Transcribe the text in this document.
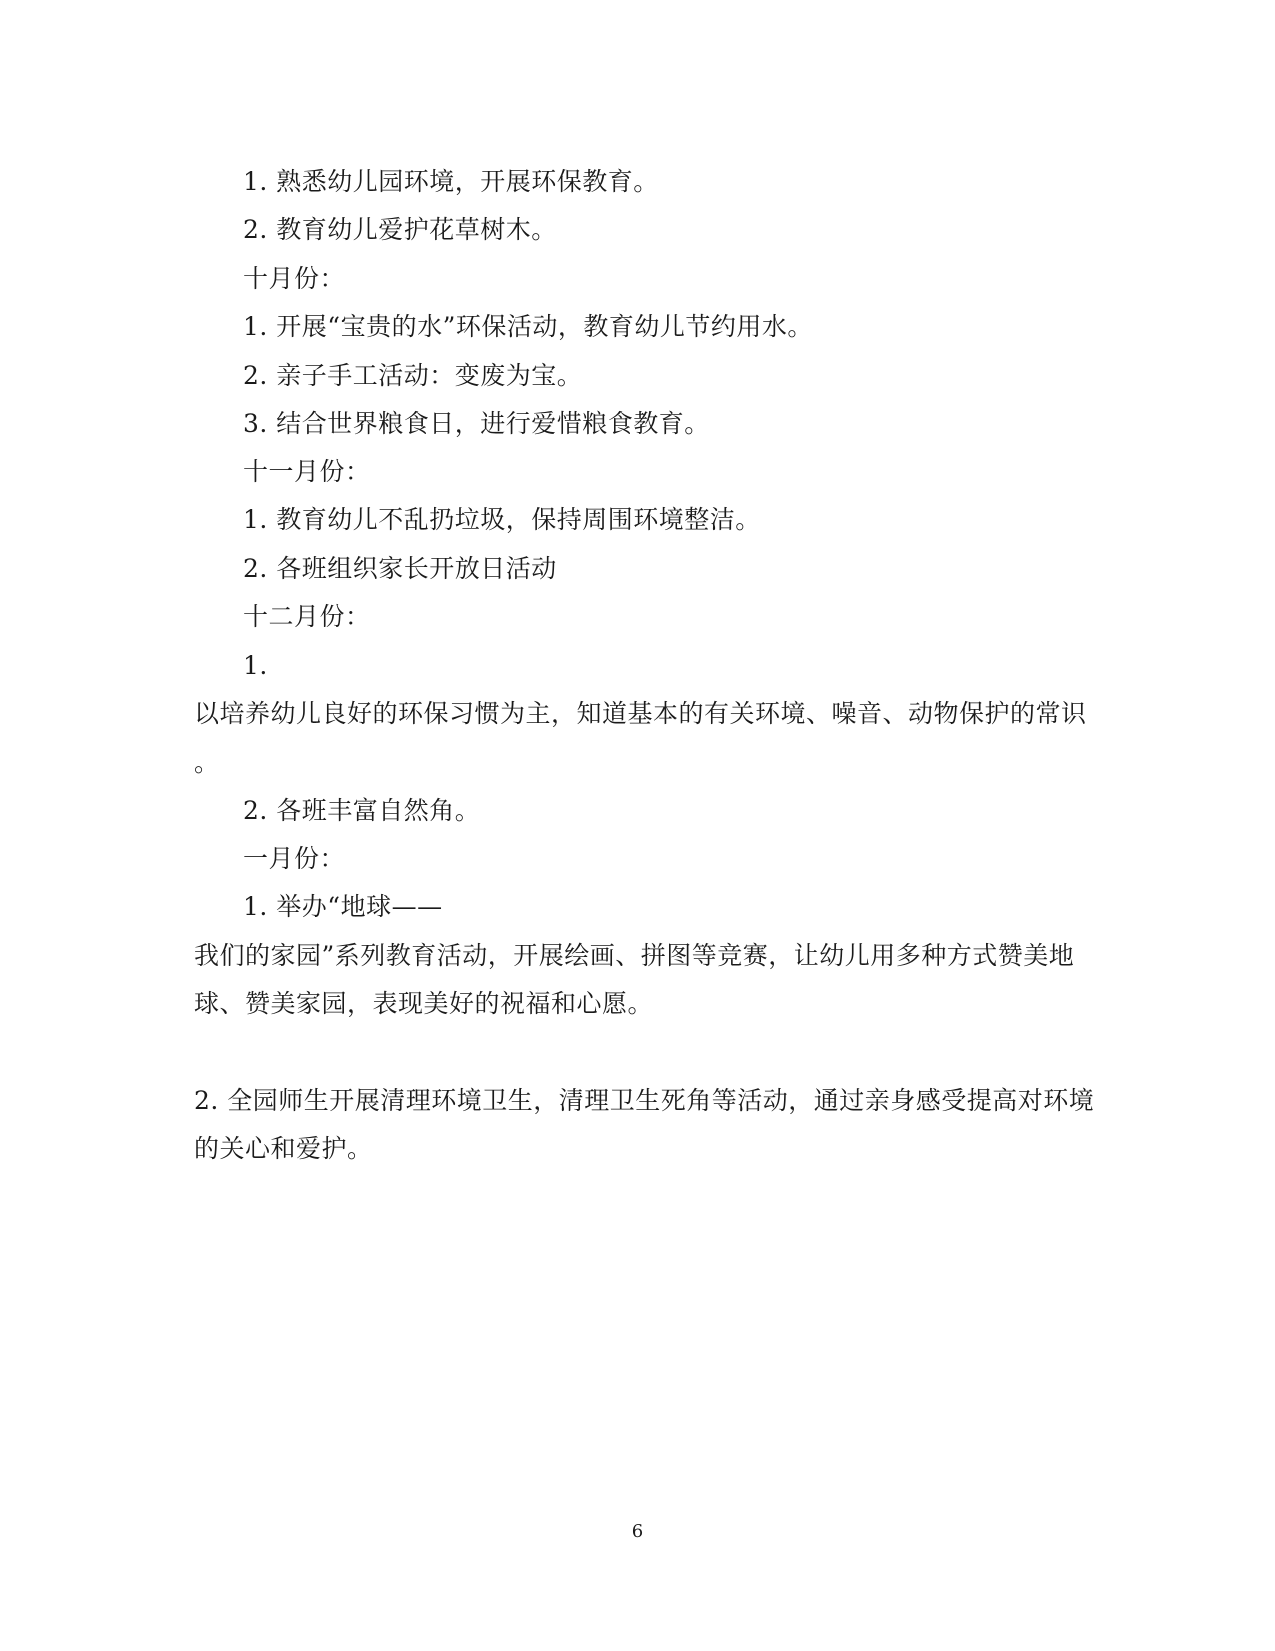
1. 熟悉幼儿园环境，开展环保教育。
2. 教育幼儿爱护花草树木。
十月份：
1. 开展“宝贵的水”环保活动，教育幼儿节约用水。
2. 亲子手工活动：变废为宝。
3. 结合世界粮食日，进行爱惜粮食教育。
十一月份：
1. 教育幼儿不乱扔垃圾，保持周围环境整洁。
2. 各班组织家长开放日活动
十二月份：
1.
以培养幼儿良好的环保习惯为主，知道基本的有关环境、噪音、动物保护的常识
。
2. 各班丰富自然角。
一月份：
1. 举办“地球——
我们的家园”系列教育活动，开展绘画、拼图等竞赛，让幼儿用多种方式赞美地
球、赞美家园，表现美好的祝福和心愿。
2. 全园师生开展清理环境卫生，清理卫生死角等活动，通过亲身感受提高对环境
的关心和爱护。
6
